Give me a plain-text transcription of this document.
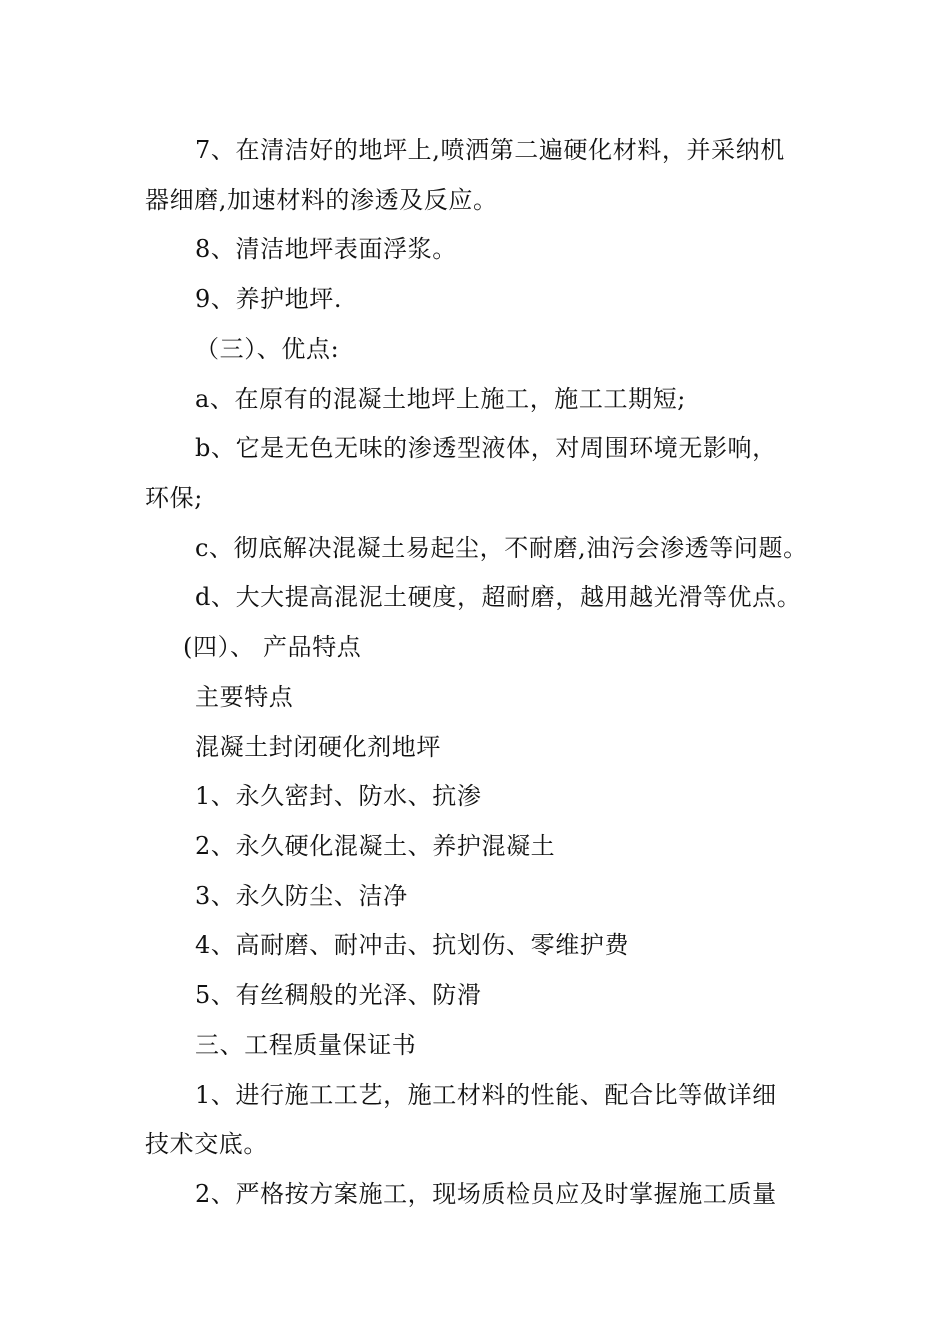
7、在清洁好的地坪上,喷洒第二遍硬化材料，并采纳机
器细磨,加速材料的渗透及反应。
8、清洁地坪表面浮浆。
9、养护地坪.
（三）、优点:
a、在原有的混凝土地坪上施工，施工工期短;
b、它是无色无味的渗透型液体，对周围环境无影响，
环保;
c、彻底解决混凝土易起尘，不耐磨,油污会渗透等问题。
d、大大提高混泥土硬度，超耐磨，越用越光滑等优点。
(四）、 产品特点
主要特点
混凝土封闭硬化剂地坪
1、永久密封、防水、抗渗
2、永久硬化混凝土、养护混凝土
3、永久防尘、洁净
4、高耐磨、耐冲击、抗划伤、零维护费
5、有丝稠般的光泽、防滑
三、工程质量保证书
1、进行施工工艺，施工材料的性能、配合比等做详细
技术交底。
2、严格按方案施工，现场质检员应及时掌握施工质量
